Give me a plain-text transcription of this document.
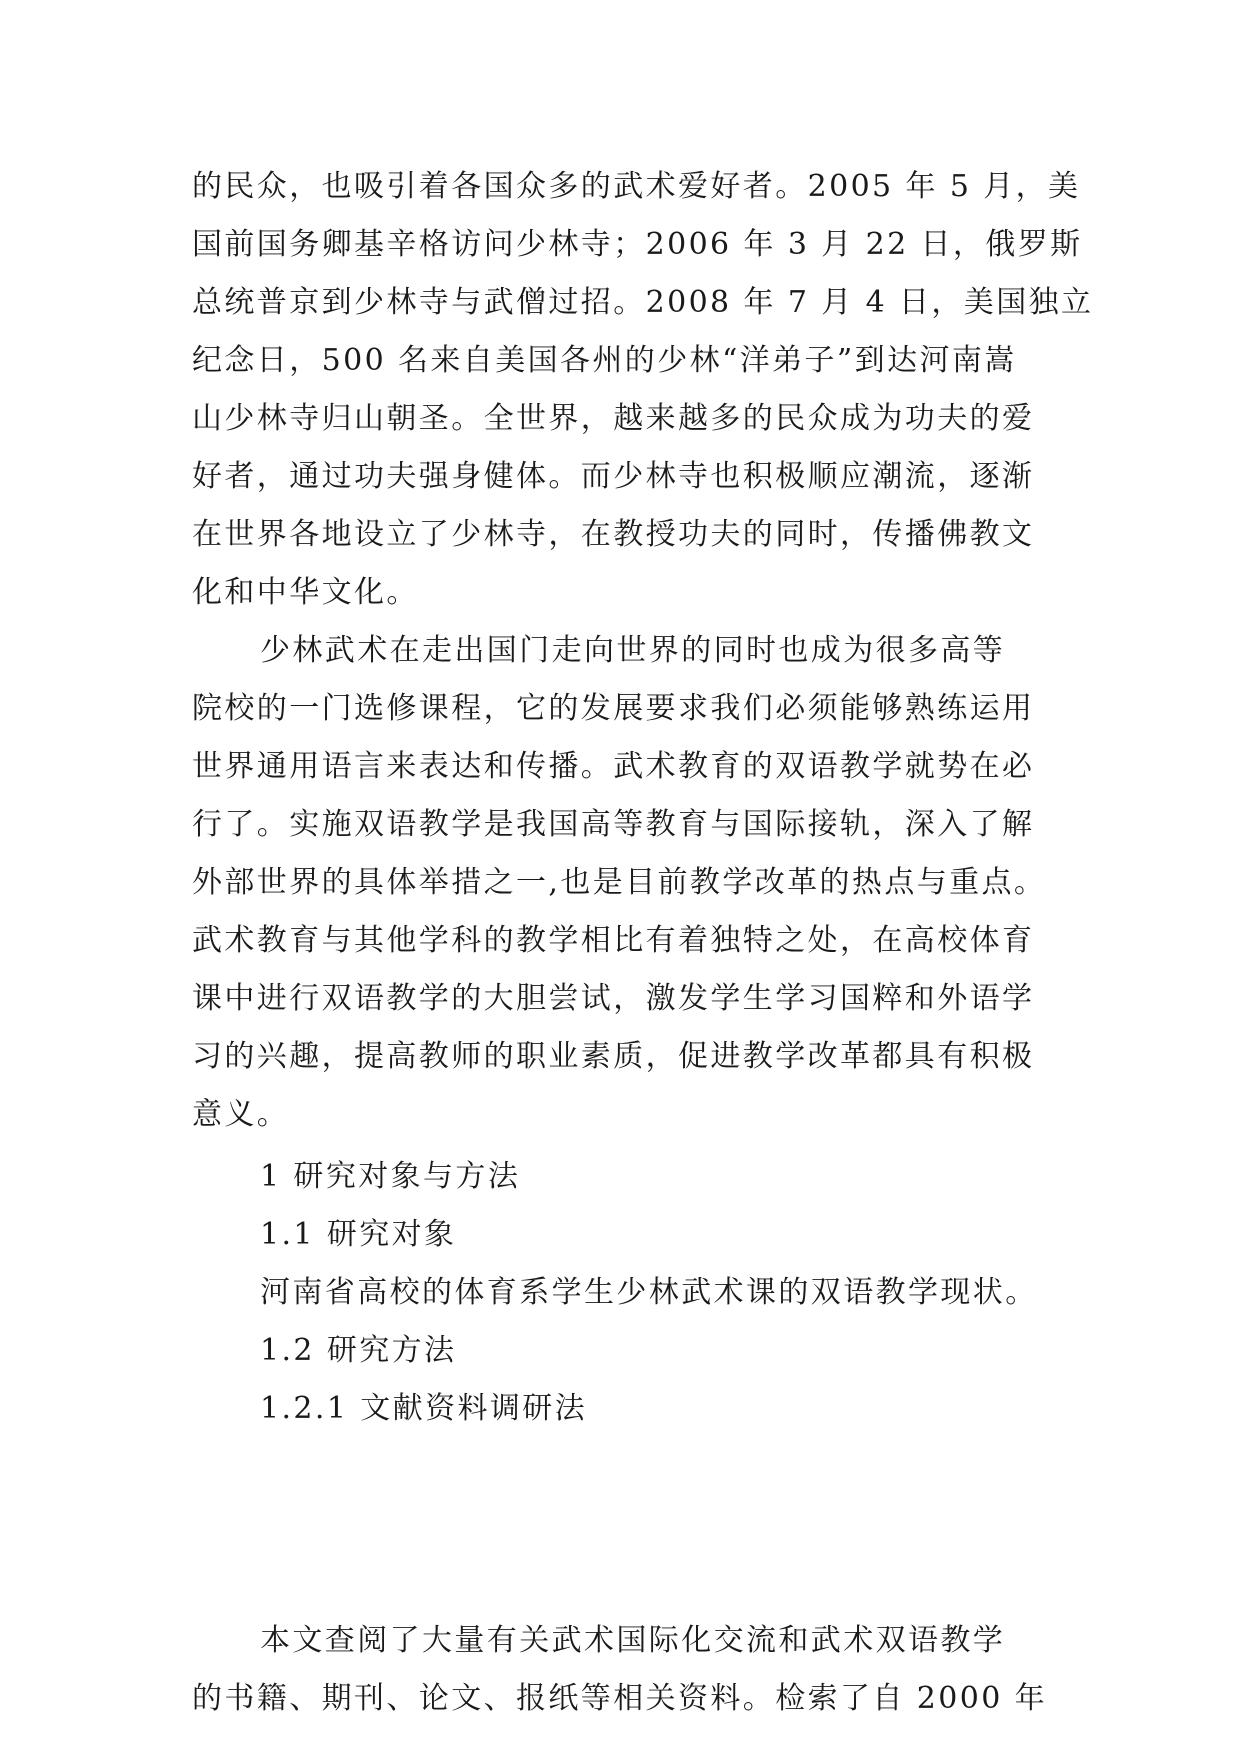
的民众，也吸引着各国众多的武术爱好者。2005 年 5 月，美
国前国务卿基辛格访问少林寺；2006 年 3 月 22 日，俄罗斯
总统普京到少林寺与武僧过招。2008 年 7 月 4 日，美国独立
纪念日，500 名来自美国各州的少林“洋弟子”到达河南嵩
山少林寺归山朝圣。全世界，越来越多的民众成为功夫的爱
好者，通过功夫强身健体。而少林寺也积极顺应潮流，逐渐
在世界各地设立了少林寺，在教授功夫的同时，传播佛教文
化和中华文化。
少林武术在走出国门走向世界的同时也成为很多高等
院校的一门选修课程，它的发展要求我们必须能够熟练运用
世界通用语言来表达和传播。武术教育的双语教学就势在必
行了。实施双语教学是我国高等教育与国际接轨，深入了解
外部世界的具体举措之一,也是目前教学改革的热点与重点。
武术教育与其他学科的教学相比有着独特之处，在高校体育
课中进行双语教学的大胆尝试，激发学生学习国粹和外语学
习的兴趣，提高教师的职业素质，促进教学改革都具有积极
意义。
1 研究对象与方法
1.1 研究对象
河南省高校的体育系学生少林武术课的双语教学现状。
1.2 研究方法
1.2.1 文献资料调研法
本文查阅了大量有关武术国际化交流和武术双语教学
的书籍、期刊、论文、报纸等相关资料。检索了自 2000 年
